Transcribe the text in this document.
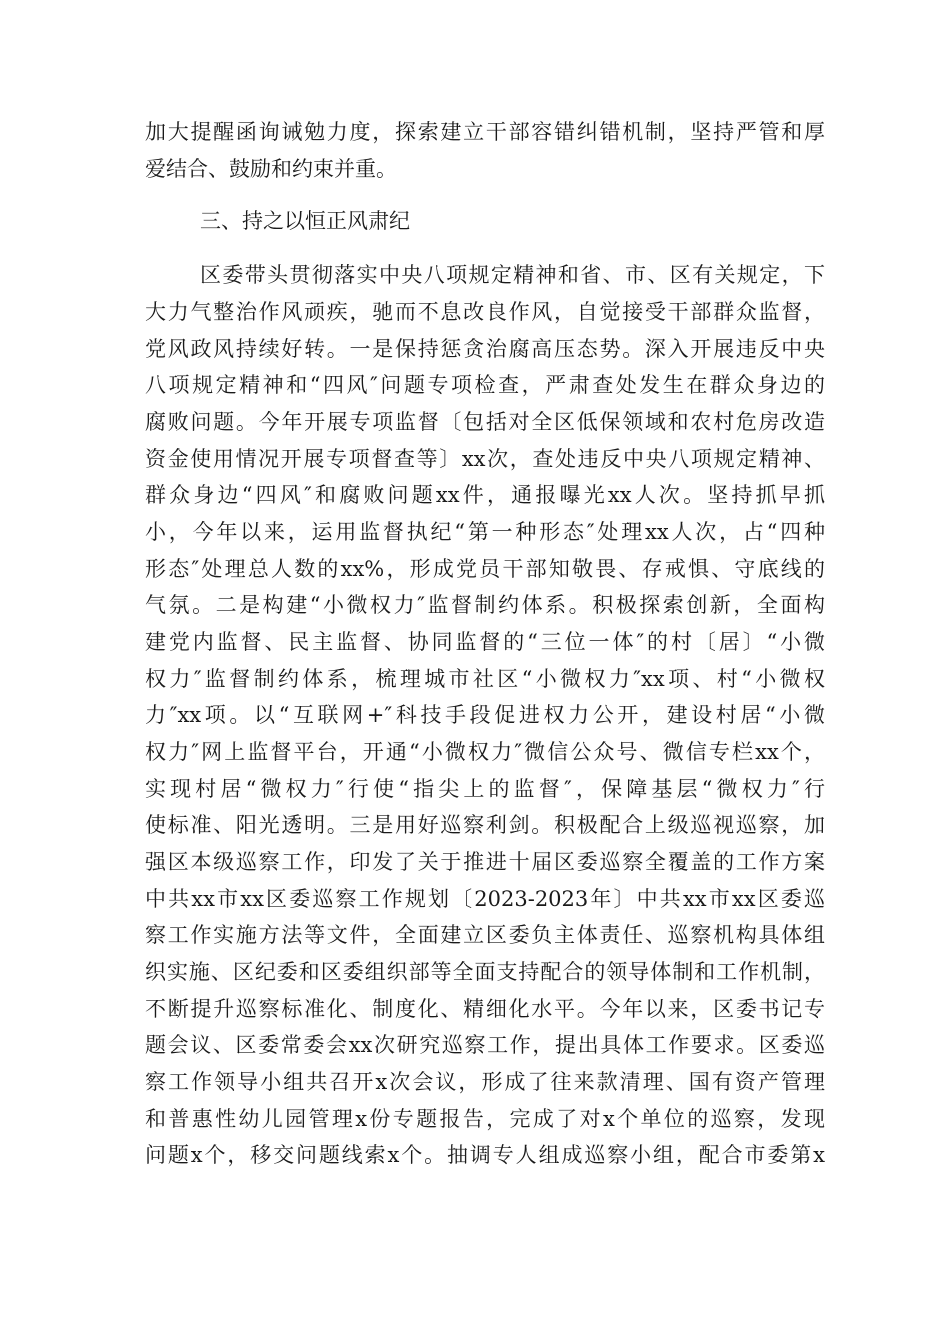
加大提醒函询诫勉力度，探索建立干部容错纠错机制，坚持严管和厚
爱结合、鼓励和约束并重。
三、持之以恒正风肃纪
区委带头贯彻落实中央八项规定精神和省、市、区有关规定，下
大力气整治作风顽疾，驰而不息改良作风，自觉接受干部群众监督，
党风政风持续好转。一是保持惩贪治腐高压态势。深入开展违反中央
八项规定精神和“四风″问题专项检查，严肃查处发生在群众身边的
腐败问题。今年开展专项监督〔包括对全区低保领域和农村危房改造
资金使用情况开展专项督查等〕xx次，查处违反中央八项规定精神、
群众身边“四风″和腐败问题xx件，通报曝光xx人次。坚持抓早抓
小，今年以来，运用监督执纪“第一种形态″处理xx人次，占“四种
形态″处理总人数的xx%，形成党员干部知敬畏、存戒惧、守底线的
气氛。二是构建“小微权力″监督制约体系。积极探索创新，全面构
建党内监督、民主监督、协同监督的“三位一体″的村〔居〕“小微
权力″监督制约体系，梳理城市社区“小微权力″xx项、村“小微权
力″xx项。以“互联网+″科技手段促进权力公开，建设村居“小微
权力″网上监督平台，开通“小微权力″微信公众号、微信专栏xx个，
实现村居“微权力″行使“指尖上的监督″，保障基层“微权力″行
使标准、阳光透明。三是用好巡察利剑。积极配合上级巡视巡察，加
强区本级巡察工作，印发了关于推进十届区委巡察全覆盖的工作方案
中共xx市xx区委巡察工作规划〔2023-2023年〕中共xx市xx区委巡
察工作实施方法等文件，全面建立区委负主体责任、巡察机构具体组
织实施、区纪委和区委组织部等全面支持配合的领导体制和工作机制，
不断提升巡察标准化、制度化、精细化水平。今年以来，区委书记专
题会议、区委常委会xx次研究巡察工作，提出具体工作要求。区委巡
察工作领导小组共召开x次会议，形成了往来款清理、国有资产管理
和普惠性幼儿园管理x份专题报告，完成了对x个单位的巡察，发现
问题x个，移交问题线索x个。抽调专人组成巡察小组，配合市委第x
